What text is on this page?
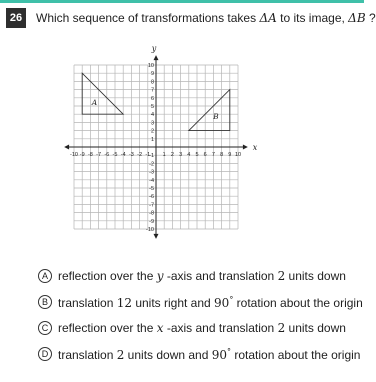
26	Which sequence of transformations takes ΔA to its image, ΔB ?
x
y
-10 -9 -8 -7 -6 -5 -4 -3 -2 -1 1 2 3 4 5 6 7 8 9 10
10
9
8
7
6
5
4
3
2
1
-1
-2
-3
-4
-5
-6
-7
-8
-9
-10
A
B
A reflection over the y -axis and translation 2 units down
B translation 12 units right and 90° rotation about the origin
C reflection over the x -axis and translation 2 units down
D translation 2 units down and 90° rotation about the origin
